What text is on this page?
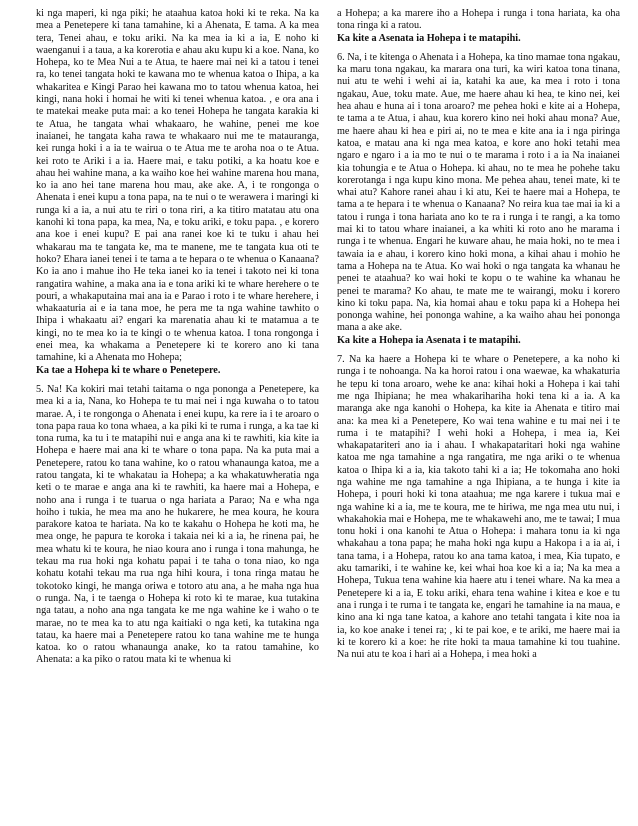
ki nga maperi, ki nga piki; he ataahua katoa hoki ki te reka. Na ka mea a Penetepere ki tana tamahine, ki a Ahenata, E tama. A ka mea tera, Tenei ahau, e toku ariki. Na ka mea ia ki a ia, E noho ki waenganui i a taua, a ka korerotia e ahau aku kupu ki a koe. Nana, ko Hohepa, ko te Mea Nui a te Atua, te haere mai nei ki a tatou i tenei ra, ko tenei tangata hoki te kawana mo te whenua katoa o Ihipa, a ka whakaritea e Kingi Parao hei kawana mo to tatou whenua katoa, hei kingi, nana hoki i homai he witi ki tenei whenua katoa. , e ora ana i te matekai meake puta mai: a ko tenei Hohepa he tangata karakia ki te Atua, he tangata whai whakaaro, he wahine, penei me koe inaianei, he tangata kaha rawa te whakaaro nui me te matauranga, kei runga hoki i a ia te wairua o te Atua me te aroha noa o te Atua. kei roto te Ariki i a ia. Haere mai, e taku potiki, a ka hoatu koe e ahau hei wahine mana, a ka waiho koe hei wahine marena hou mana, ko ia ano hei tane marena hou mau, ake ake. A, i te rongonga o Ahenata i enei kupu a tona papa, na te nui o te werawera i maringi ki runga ki a ia, a nui atu te riri o tona riri, a ka titiro matatau atu ona kanohi ki tona papa, ka mea, Na, e toku ariki, e toku papa. , e korero ana koe i enei kupu? E pai ana ranei koe ki te tuku i ahau hei whakarau ma te tangata ke, ma te manene, me te tangata kua oti te hoko? Ehara ianei tenei i te tama a te hepara o te whenua o Kanaana? Ko ia ano i mahue iho He teka ianei ko ia tenei i takoto nei ki tona rangatira wahine, a maka ana ia e tona ariki ki te whare herehere o te pouri, a whakaputaina mai ana ia e Parao i roto i te whare herehere, i whakaaturia ai e ia tana moe, he pera me ta nga wahine tawhito o Ihipa i whakaatu ai? engari ka marenatia ahau ki te matamua a te kingi, no te mea ko ia te kingi o te whenua katoa. I tona rongonga i enei mea, ka whakama a Penetepere ki te korero ano ki tana tamahine, ki a Ahenata mo Hohepa;

Ka tae a Hohepa ki te whare o Penetepere.

5. Na! Ka kokiri mai tetahi taitama o nga pononga a Penetepere, ka mea ki a ia, Nana, ko Hohepa te tu mai nei i nga kuwaha o to tatou marae. A, i te rongonga o Ahenata i enei kupu, ka rere ia i te aroaro o tona papa raua ko tona whaea, a ka piki ki te ruma i runga, a ka tae ki tona ruma, ka tu i te matapihi nui e anga ana ki te rawhiti, kia kite ia Hohepa e haere mai ana ki te whare o tona papa. Na ka puta mai a Penetepere, ratou ko tana wahine, ko o ratou whanaunga katoa, me a ratou tangata, ki te whakatau ia Hohepa; a ka whakatuwheratia nga keti o te marae e anga ana ki te rawhiti, ka haere mai a Hohepa, e noho ana i runga i te tuarua o nga hariata a Parao; Na e wha nga hoiho i tukia, he mea ma ano he hukarere, he mea koura, he koura parakore katoa te hariata. Na ko te kakahu o Hohepa he koti ma, he mea onge, he papura te koroka i takaia nei ki a ia, he rinena pai, he mea whatu ki te koura, he niao koura ano i runga i tona mahunga, he tekau ma rua hoki nga kohatu papai i te taha o tona niao, ko nga kohatu kotahi tekau ma rua nga hihi koura, i tona ringa matau he tokotoko kingi, he manga oriwa e totoro atu ana, a he maha nga hua o runga. Na, i te taenga o Hohepa ki roto ki te marae, kua tutakina nga tatau, a noho ana nga tangata ke me nga wahine ke i waho o te marae, no te mea ka to atu nga kaitiaki o nga keti, ka tutakina nga tatau, ka haere mai a Penetepere ratou ko tana wahine me te hunga katoa. ko o ratou whanaunga anake, ko ta ratou tamahine, ko Ahenata: a ka piko o ratou mata ki te whenua ki

a Hohepa; a ka marere iho a Hohepa i runga i tona hariata, ka oha tona ringa ki a ratou.

Ka kite a Asenata ia Hohepa i te matapihi.

6. Na, i te kitenga o Ahenata i a Hohepa, ka tino mamae tona ngakau, ka maru tona ngakau, ka marara ona turi, ka wiri katoa tona tinana, nui atu te wehi i wehi ai ia, katahi ka aue, ka mea i roto i tona ngakau, Aue, toku mate. Aue, me haere ahau ki hea, te kino nei, kei hea ahau e huna ai i tona aroaro? me pehea hoki e kite ai a Hohepa, te tama a te Atua, i ahau, kua korero kino nei hoki ahau mona? Aue, me haere ahau ki hea e piri ai, no te mea e kite ana ia i nga piringa katoa, e matau ana ki nga mea katoa, e kore ano hoki tetahi mea ngaro e ngaro i a ia mo te nui o te marama i roto i a ia Na inaianei kia tohungia e te Atua o Hohepa. ki ahau, no te mea he pohehe taku korerotanga i nga kupu kino mona. Me pehea ahau, tenei mate, ki te whai atu? Kahore ranei ahau i ki atu, Kei te haere mai a Hohepa, te tama a te hepara i te whenua o Kanaana? No reira kua tae mai ia ki a tatou i runga i tona hariata ano ko te ra i runga i te rangi, a ka tomo mai ki to tatou whare inaianei, a ka whiti ki roto ano he marama i runga i te whenua. Engari he kuware ahau, he maia hoki, no te mea i tawaia ia e ahau, i korero kino hoki mona, a kihai ahau i mohio he tama a Hohepa na te Atua. Ko wai hoki o nga tangata ka whanau he penei te ataahua? ko wai hoki te kopu o te wahine ka whanau he penei te marama? Ko ahau, te mate me te wairangi, moku i korero kino ki toku papa. Na, kia homai ahau e toku papa ki a Hohepa hei pononga wahine, hei pononga wahine, a ka waiho ahau hei pononga mana a ake ake.

Ka kite a Hohepa ia Asenata i te matapihi.

7. Na ka haere a Hohepa ki te whare o Penetepere, a ka noho ki runga i te nohoanga. Na ka horoi ratou i ona waewae, ka whakaturia he tepu ki tona aroaro, wehe ke ana: kihai hoki a Hohepa i kai tahi me nga Ihipiana; he mea whakarihariha hoki tena ki a ia. A ka maranga ake nga kanohi o Hohepa, ka kite ia Ahenata e titiro mai ana: ka mea ki a Penetepere, Ko wai tena wahine e tu mai nei i te ruma i te matapihi? I wehi hoki a Hohepa, i mea ia, Kei whakapatariteri ano ia i ahau. I whakapataritari hoki nga wahine katoa me nga tamahine a nga rangatira, me nga ariki o te whenua katoa o Ihipa ki a ia, kia takoto tahi ki a ia; He tokomaha ano hoki nga wahine me nga tamahine a nga Ihipiana, a te hunga i kite ia Hohepa, i pouri hoki ki tona ataahua; me nga karere i tukua mai e nga wahine ki a ia, me te koura, me te hiriwa, me nga mea utu nui, i whakahokia mai e Hohepa, me te whakawehi ano, me te tawai; I mua tonu hoki i ona kanohi te Atua o Hohepa: i mahara tonu ia ki nga whakahau a tona papa; he maha hoki nga kupu a Hakopa i a ia ai, i tana tama, i a Hohepa, ratou ko ana tama katoa, i mea, Kia tupato, e aku tamariki, i te wahine ke, kei whai hoa koe ki a ia; Na ka mea a Hohepa, Tukua tena wahine kia haere atu i tenei whare. Na ka mea a Penetepere ki a ia, E toku ariki, ehara tena wahine i kitea e koe e tu ana i runga i te ruma i te tangata ke, engari he tamahine ia na maua, e kino ana ki nga tane katoa, a kahore ano tetahi tangata i kite noa ia ia, ko koe anake i tenei ra; , ki te pai koe, e te ariki, me haere mai ia ki te korero ki a koe: he rite hoki ta maua tamahine ki tou tuahine. Na nui atu te koa i hari ai a Hohepa, i mea hoki a
